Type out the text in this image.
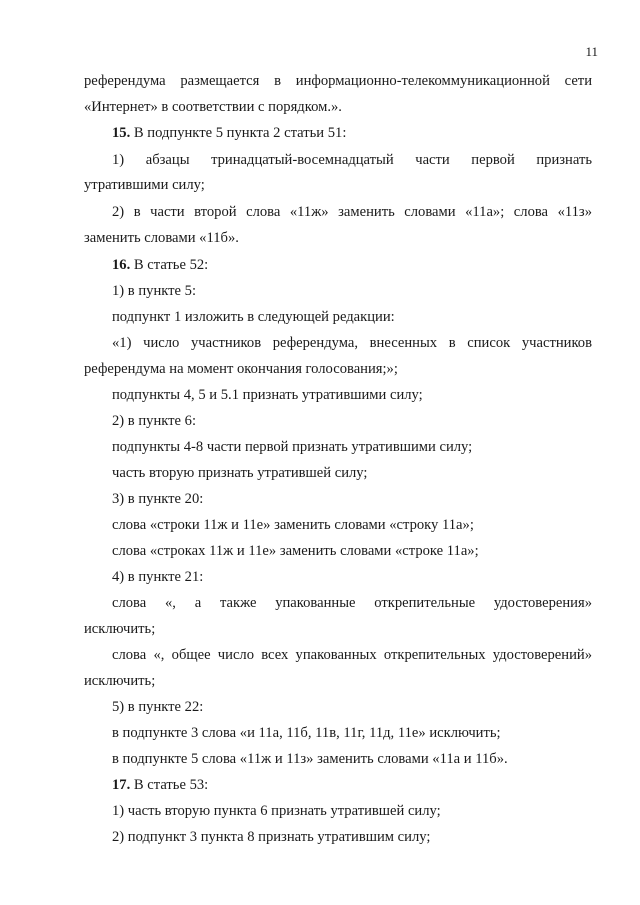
11

референдума размещается в информационно-телекоммуникационной сети

«Интернет» в соответствии с порядком.».

15. В подпункте 5 пункта 2 статьи 51:

1) абзацы тринадцатый-восемнадцатый части первой признать

утратившими силу;

2) в части второй слова «11ж» заменить словами «11а»; слова «11з»

заменить словами «11б».

16. В статье 52:

1) в пункте 5:

подпункт 1 изложить в следующей редакции:

«1) число участников референдума, внесенных в список участников

референдума на момент окончания голосования;»;

подпункты 4, 5 и 5.1 признать утратившими силу;

2) в пункте 6:

подпункты 4-8 части первой признать утратившими силу;

часть вторую признать утратившей силу;

3) в пункте 20:

слова «строки 11ж и 11е» заменить словами «строку 11а»;

слова «строках 11ж и 11е» заменить словами «строке 11а»;

4) в пункте 21:

слова «, а также упакованные открепительные удостоверения»

исключить;

слова «, общее число всех упакованных открепительных удостоверений»

исключить;

5) в пункте 22:

в подпункте 3 слова «и 11а, 11б, 11в, 11г, 11д, 11е» исключить;

в подпункте 5 слова «11ж и 11з» заменить словами «11а и 11б».

17. В статье 53:

1) часть вторую пункта 6 признать утратившей силу;

2) подпункт 3 пункта 8 признать утратившим силу;
